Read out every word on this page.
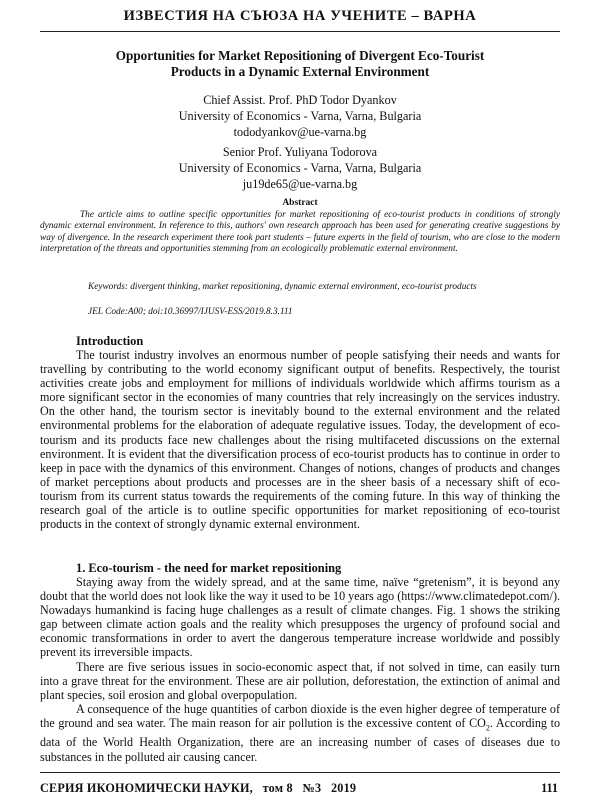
ИЗВЕСТИЯ НА СЪЮЗА НА УЧЕНИТЕ – ВАРНА
Opportunities for Market Repositioning of Divergent Eco-Tourist
Products in a Dynamic External Environment
Chief Assist. Prof. PhD Todor Dyankov
University of Economics - Varna, Varna, Bulgaria
tododyankov@ue-varna.bg
Senior Prof. Yuliyana Todorova
University of Economics - Varna, Varna, Bulgaria
ju19de65@ue-varna.bg
Abstract
The article aims to outline specific opportunities for market repositioning of eco-tourist products in conditions of strongly dynamic external environment. In reference to this, authors' own research approach has been used for generating creative suggestions by way of divergence. In the research experiment there took part students – future experts in the field of tourism, who are close to the modern interpretation of the threats and opportunities stemming from an ecologically problematic external environment.
Keywords: divergent thinking, market repositioning, dynamic external environment, eco-tourist products
JEL Code:A00; doi:10.36997/IJUSV-ESS/2019.8.3.111
Introduction

The tourist industry involves an enormous number of people satisfying their needs and wants for travelling by contributing to the world economy significant output of benefits. Respectively, the tourist activities create jobs and employment for millions of individuals worldwide which affirms tourism as a more significant sector in the economies of many countries that rely increasingly on the services industry. On the other hand, the tourism sector is inevitably bound to the external environment and the related environmental problems for the elaboration of adequate regulative issues. Today, the development of eco-tourism and its products face new challenges about the rising multifaceted discussions on the external environment. It is evident that the diversification process of eco-tourist products has to continue in order to keep in pace with the dynamics of this environment. Changes of notions, changes of products and changes of market perceptions about products and processes are in the sheer basis of a necessary shift of eco-tourism from its current status towards the requirements of the coming future. In this way of thinking the research goal of the article is to outline specific opportunities for market repositioning of eco-tourist products in the context of strongly dynamic external environment.

1. Eco-tourism - the need for market repositioning

Staying away from the widely spread, and at the same time, naïve “gretenism”, it is beyond any doubt that the world does not look like the way it used to be 10 years ago (https://www.climatedepot.com/). Nowadays humankind is facing huge challenges as a result of climate changes. Fig. 1 shows the striking gap between climate action goals and the reality which presupposes the urgency of profound social and economic transformations in order to avert the dangerous temperature increase worldwide and possibly prevent its irreversible impacts.

There are five serious issues in socio-economic aspect that, if not solved in time, can easily turn into a grave threat for the environment. These are air pollution, deforestation, the extinction of animal and plant species, soil erosion and global overpopulation.

A consequence of the huge quantities of carbon dioxide is the even higher degree of temperature of the ground and sea water. The main reason for air pollution is the excessive content of $CO_2$. According to data of the World Health Organization, there are an increasing number of cases of diseases due to substances in the polluted air causing cancer.

СЕРИЯ ИКОНОМИЧЕСКИ НАУКИ,   том 8   №3   2019	111
